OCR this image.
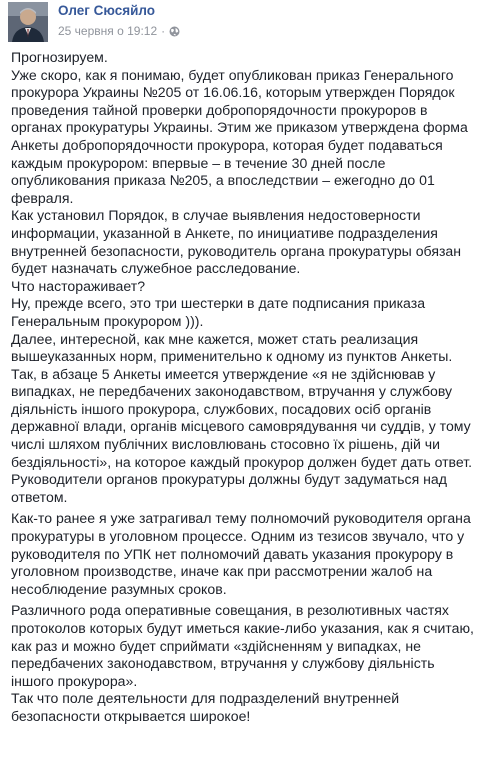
Олег Сюсяйло
25 червня о 19:12 ·

Прогнозируем.
Уже скоро, как я понимаю, будет опубликован приказ Генерального прокурора Украины №205 от 16.06.16, которым утвержден Порядок проведения тайной проверки добропорядочности прокуроров в органах прокуратуры Украины. Этим же приказом утверждена форма Анкеты добропорядочности прокурора, которая будет подаваться каждым прокурором: впервые – в течение 30 дней после опубликования приказа №205, а впоследствии – ежегодно до 01 февраля.
Как установил Порядок, в случае выявления недостоверности информации, указанной в Анкете, по инициативе подразделения внутренней безопасности, руководитель органа прокуратуры обязан будет назначать служебное расследование.
Что настораживает?
Ну, прежде всего, это три шестерки в дате подписания приказа Генеральным прокурором ))).
Далее, интересной, как мне кажется, может стать реализация вышеуказанных норм, применительно к одному из пунктов Анкеты.
Так, в абзаце 5 Анкеты имеется утверждение «я не здійснював у випадках, не передбачених законодавством, втручання у службову діяльність іншого прокурора, службових, посадових осіб органів державної влади, органів місцевого самоврядування чи суддів, у тому числі шляхом публічних висловлювань стосовно їх рішень, дій чи бездіяльності», на которое каждый прокурор должен будет дать ответ.
Руководители органов прокуратуры должны будут задуматься над ответом.

Как-то ранее я уже затрагивал тему полномочий руководителя органа прокуратуры в уголовном процессе. Одним из тезисов звучало, что у руководителя по УПК нет полномочий давать указания прокурору в уголовном производстве, иначе как при рассмотрении жалоб на несоблюдение разумных сроков.

Различного рода оперативные совещания, в резолютивных частях протоколов которых будут иметься какие-либо указания, как я считаю, как раз и можно будет сприймати «здійсненням у випадках, не передбачених законодавством, втручання у службову діяльність іншого прокурора».
Так что поле деятельности для подразделений внутренней безопасности открывается широкое!
